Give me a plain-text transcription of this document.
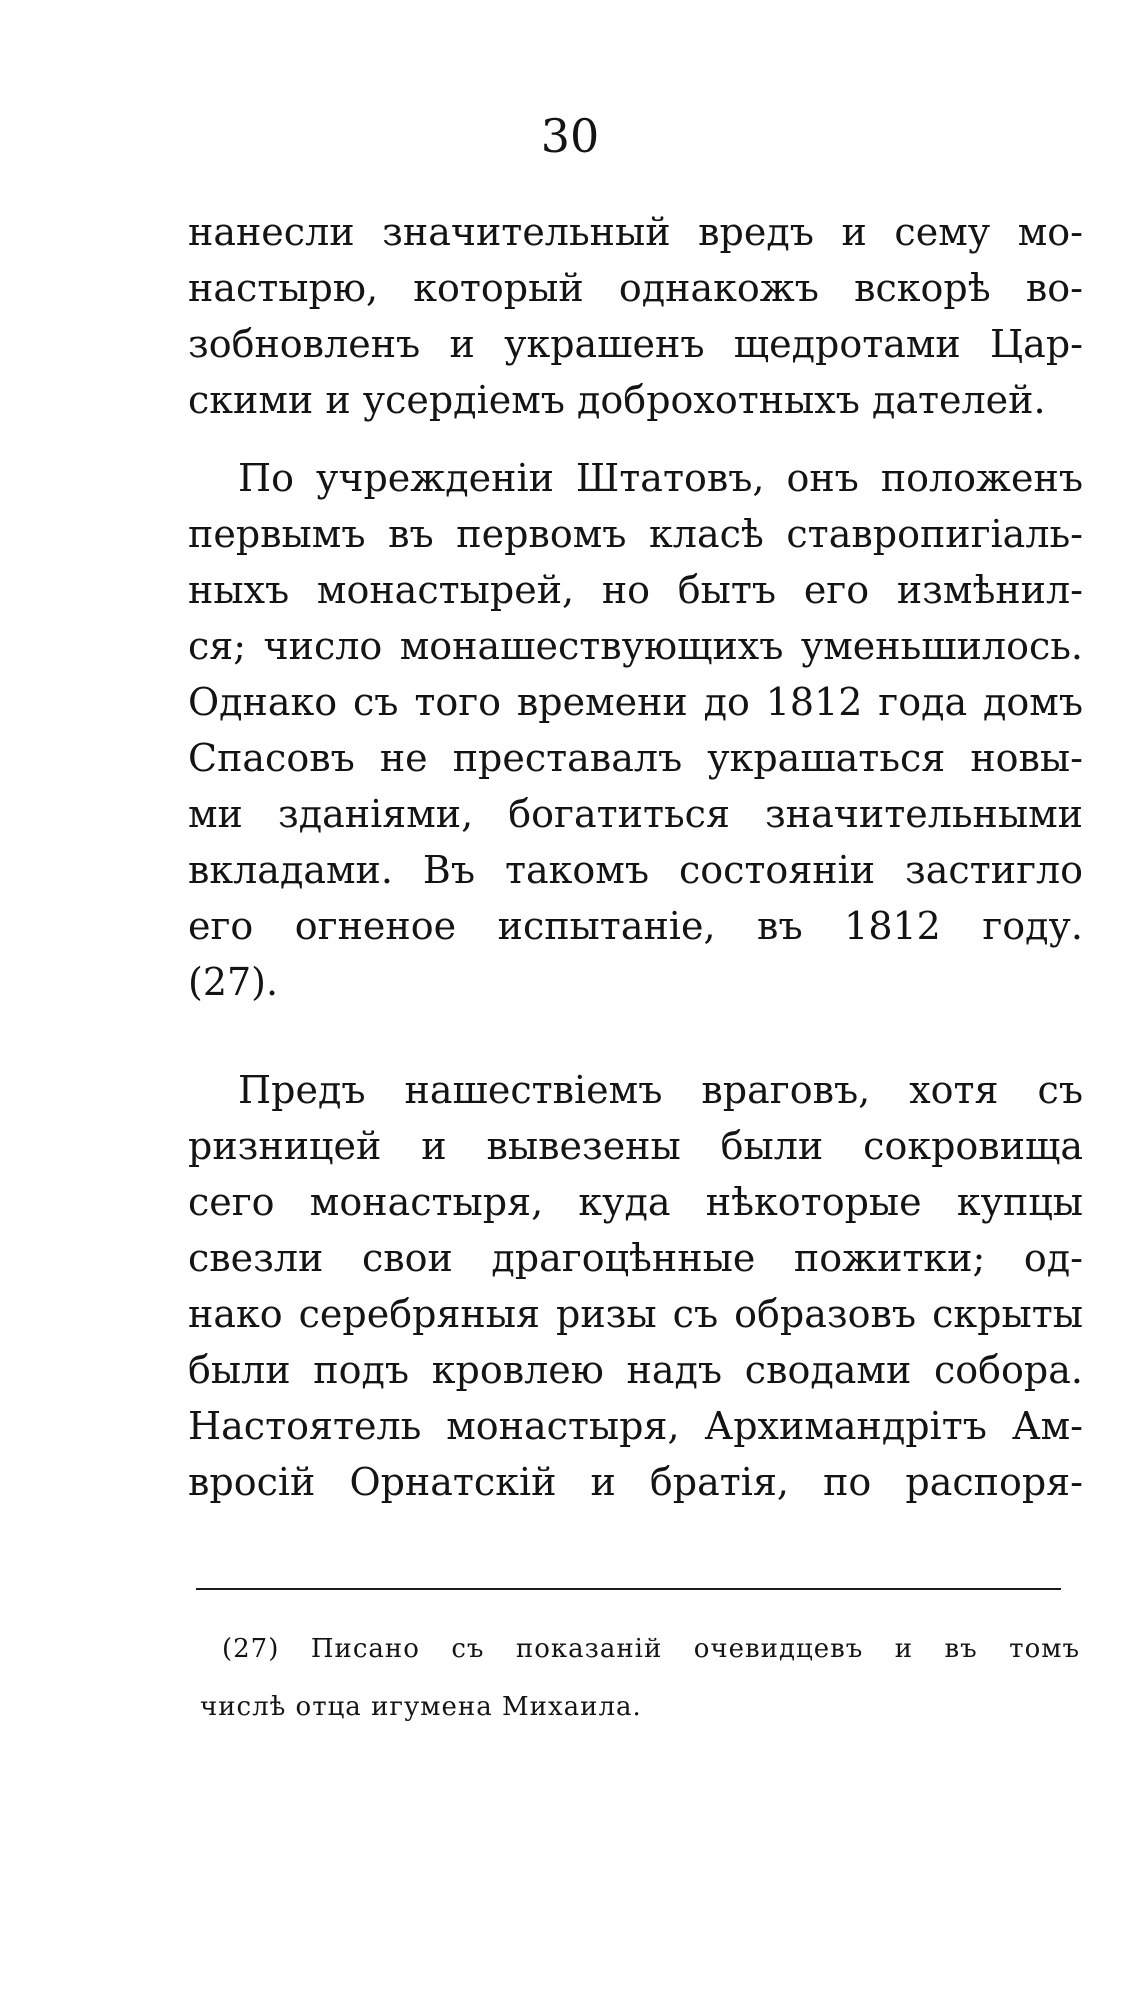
30
нанесли значительный вредъ и сему мо-
настырю, который однакожъ вскорѣ во-
зобновленъ и украшенъ щедротами Цар-
скими и усердіемъ доброхотныхъ дателей.
По учрежденіи Штатовъ, онъ положенъ
первымъ въ первомъ класѣ ставропигіаль-
ныхъ монастырей, но бытъ его измѣнил-
ся; число монашествующихъ уменьшилось.
Однако съ того времени до 1812 года домъ
Спасовъ не преставалъ украшаться новы-
ми зданіями, богатиться значительными
вкладами. Въ такомъ состояніи застигло
его огненое испытаніе, въ 1812 году.
(27).
Предъ нашествіемъ враговъ, хотя съ
ризницей и вывезены были сокровища
сего монастыря, куда нѣкоторые купцы
свезли свои драгоцѣнные пожитки; од-
нако серебряныя ризы съ образовъ скрыты
были подъ кровлею надъ сводами собора.
Настоятель монастыря, Архимандрітъ Ам-
вросій Орнатскій и братія, по распоря-
(27) Писано съ показаній очевидцевъ и въ томъ
числѣ отца игумена Михаила.
